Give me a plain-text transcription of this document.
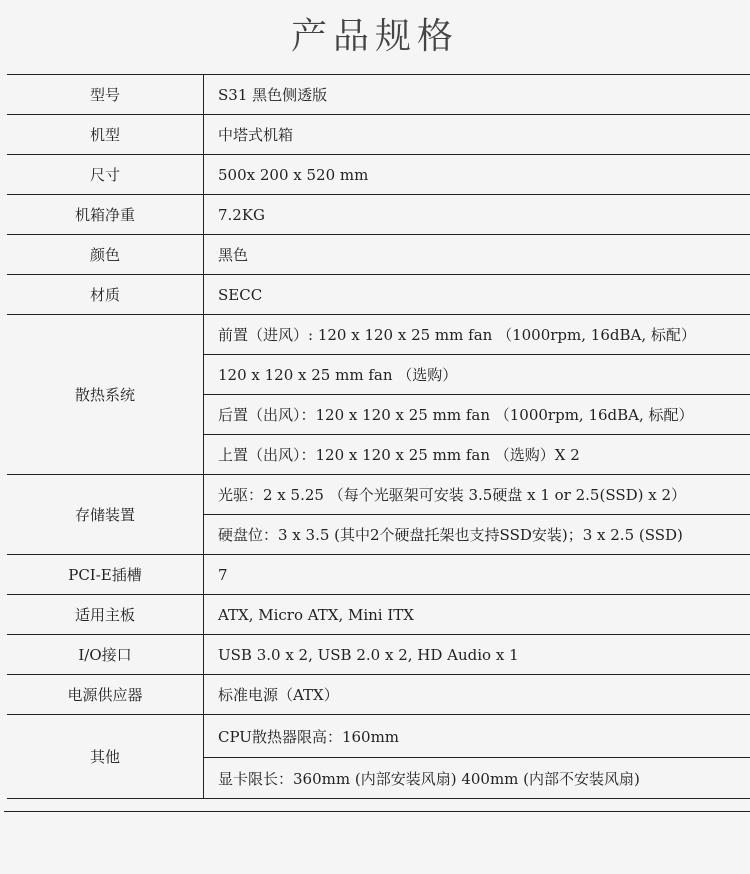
产品规格
型号	S31 黑色侧透版
机型	中塔式机箱
尺寸	500x 200 x 520 mm
机箱净重	7.2KG
颜色	黑色
材质	SECC
散热系统	前置（进风）: 120 x 120 x 25 mm fan （1000rpm, 16dBA, 标配）
	120 x 120 x 25 mm fan （选购）
	后置（出风）：120 x 120 x 25 mm fan （1000rpm, 16dBA, 标配）
	上置（出风）：120 x 120 x 25 mm fan （选购）X 2
存储装置	光驱：2 x 5.25 （每个光驱架可安装 3.5硬盘 x 1 or 2.5(SSD) x 2）
	硬盘位：3 x 3.5 (其中2个硬盘托架也支持SSD安装)；3 x 2.5 (SSD)
PCI-E插槽	7
适用主板	ATX, Micro ATX, Mini ITX
I/O接口	USB 3.0 x 2, USB 2.0 x 2, HD Audio x 1
电源供应器	标准电源（ATX）
其他	CPU散热器限高：160mm
	显卡限长：360mm (内部安装风扇) 400mm (内部不安装风扇)
